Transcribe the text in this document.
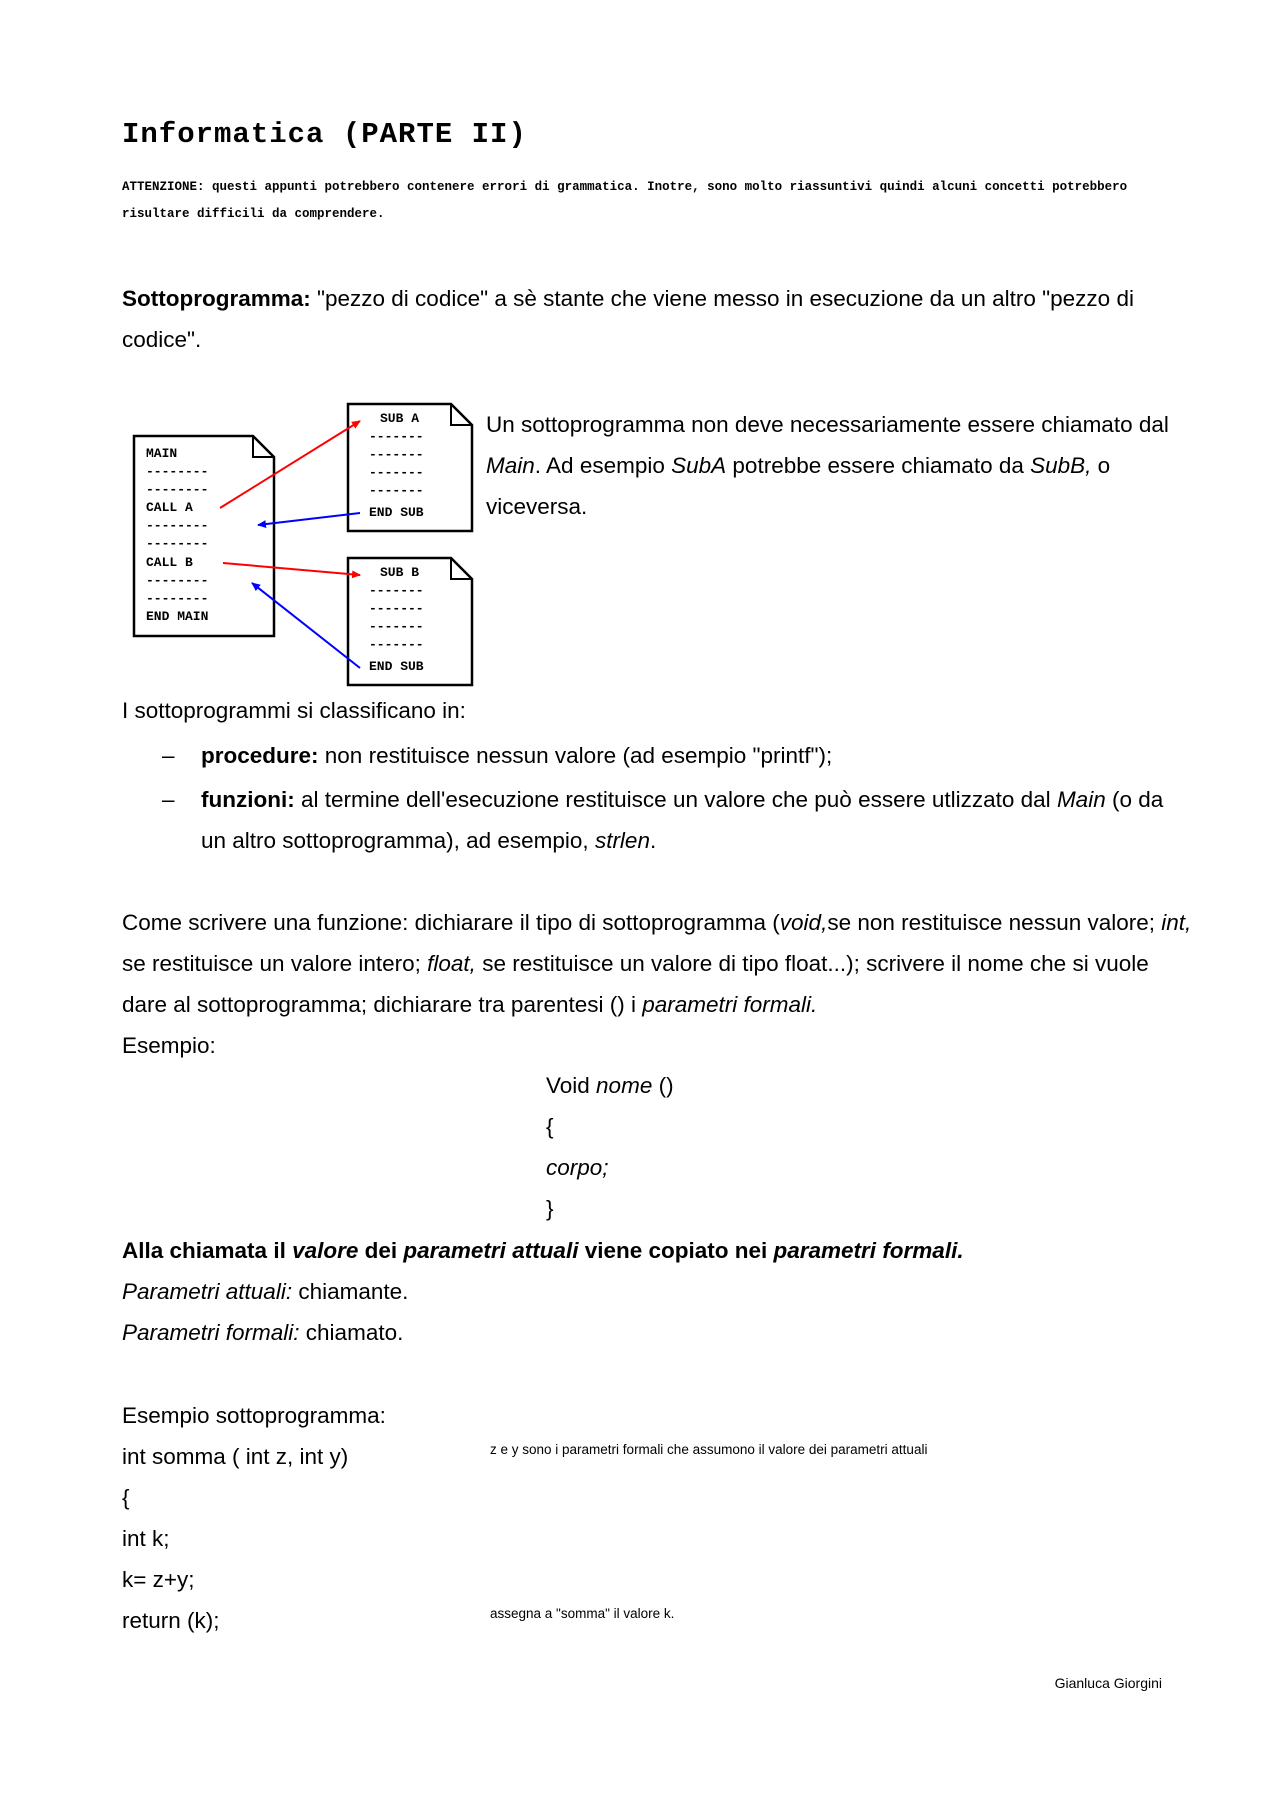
Informatica (PARTE II)
ATTENZIONE: questi appunti potrebbero contenere errori di grammatica. Inotre, sono molto riassuntivi quindi alcuni concetti potrebbero risultare difficili da comprendere.
Sottoprogramma: "pezzo di codice" a sè stante che viene messo in esecuzione da un altro "pezzo di codice".
MAIN
--------
--------
CALL A
--------
--------
CALL B
--------
--------
END MAIN
SUB A
-------
-------
-------
-------
END SUB
SUB B
-------
-------
-------
-------
END SUB
Un sottoprogramma non deve necessariamente essere chiamato dal Main. Ad esempio SubA potrebbe essere chiamato da SubB, o viceversa.
I sottoprogrammi si classificano in:
– procedure: non restituisce nessun valore (ad esempio "printf");
– funzioni: al termine dell'esecuzione restituisce un valore che può essere utlizzato dal Main (o da un altro sottoprogramma), ad esempio, strlen.
Come scrivere una funzione: dichiarare il tipo di sottoprogramma (void,se non restituisce nessun valore; int, se restituisce un valore intero; float, se restituisce un valore di tipo float...); scrivere il nome che si vuole dare al sottoprogramma; dichiarare tra parentesi () i parametri formali.
Esempio:
Void nome ()
{
corpo;
}
Alla chiamata il valore dei parametri attuali viene copiato nei parametri formali.
Parametri attuali: chiamante.
Parametri formali: chiamato.
Esempio sottoprogramma:
int somma ( int z, int y)
{
int k;
k= z+y;
return (k);
z e y sono i parametri formali che assumono il valore dei parametri attuali
assegna a "somma" il valore k.
Gianluca Giorgini
